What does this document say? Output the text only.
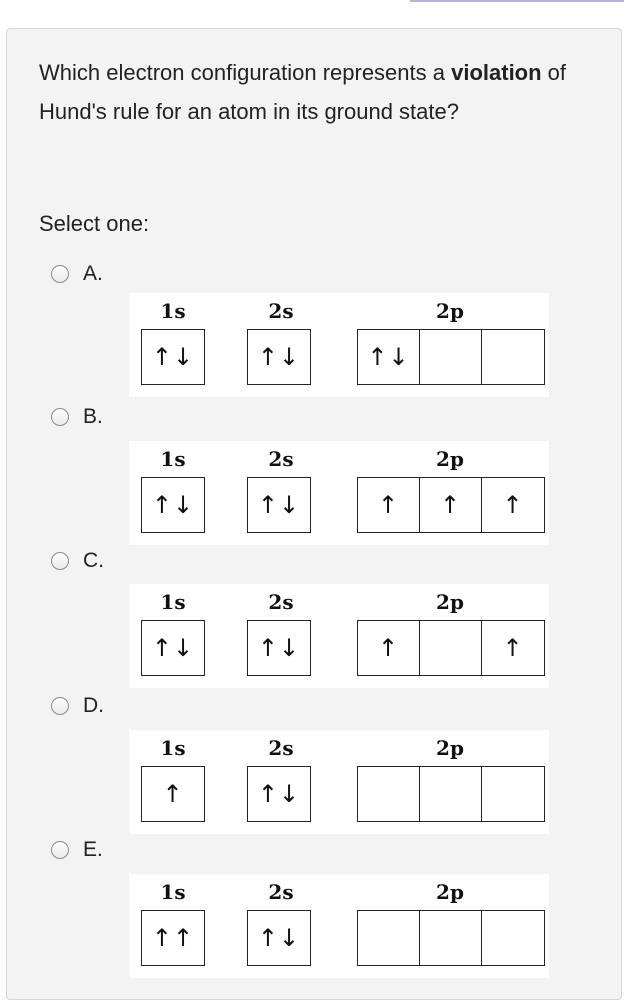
Which electron configuration represents a violation of Hund's rule for an atom in its ground state?
Select one:
A.
1s
↑↓
2s
↑↓
2p
↑↓
B.
1s
↑↓
2s
↑↓
2p
↑	↑	↑
C.
1s
↑↓
2s
↑↓
2p
↑	↑
D.
1s
↑
2s
↑↓
2p
E.
1s
↑↑
2s
↑↓
2p
